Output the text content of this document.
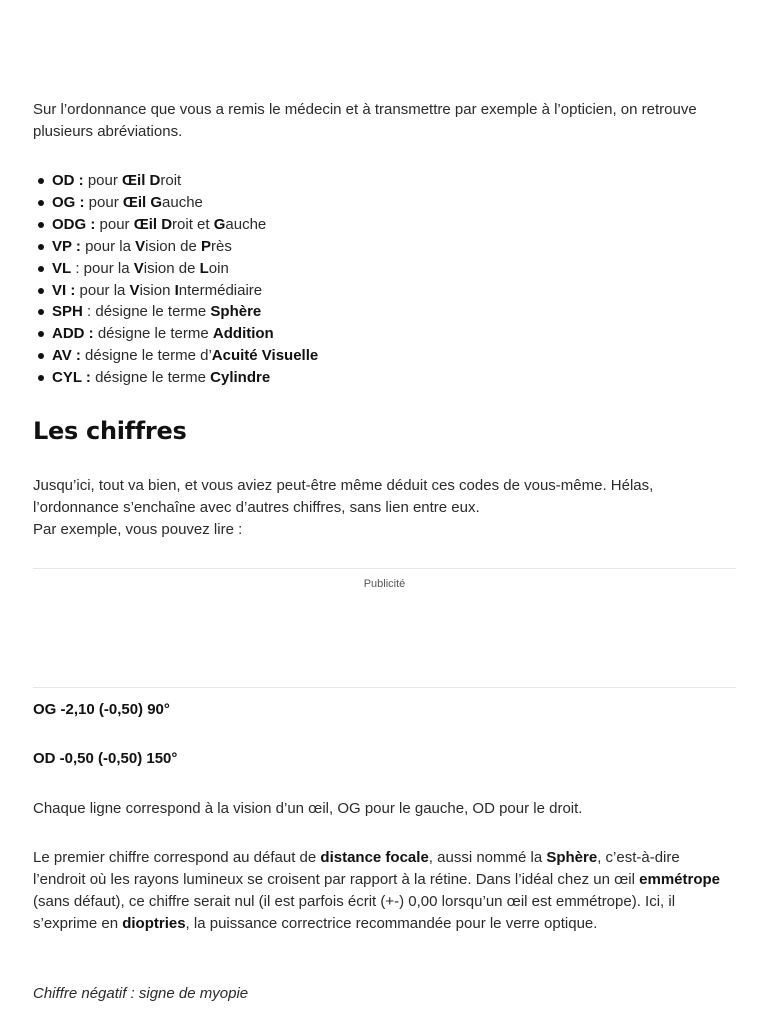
Sur l’ordonnance que vous a remis le médecin et à transmettre par exemple à l’opticien, on retrouve plusieurs abréviations.

OD : pour Œil Droit
OG : pour Œil Gauche
ODG : pour Œil Droit et Gauche
VP : pour la Vision de Près
VL : pour la Vision de Loin
VI : pour la Vision Intermédiaire
SPH : désigne le terme Sphère
ADD : désigne le terme Addition
AV : désigne le terme d’Acuité Visuelle
CYL : désigne le terme Cylindre
Les chiffres

Jusqu’ici, tout va bien, et vous aviez peut-être même déduit ces codes de vous-même. Hélas, l’ordonnance s’enchaîne avec d’autres chiffres, sans lien entre eux.

Par exemple, vous pouvez lire :

Publicité
OG -2,10 (-0,50) 90°
OD -0,50 (-0,50) 150°

Chaque ligne correspond à la vision d’un œil, OG pour le gauche, OD pour le droit.

Le premier chiffre correspond au défaut de distance focale, aussi nommé la Sphère, c’est-à-dire l’endroit où les rayons lumineux se croisent par rapport à la rétine. Dans l’idéal chez un œil emmétrope (sans défaut), ce chiffre serait nul (il est parfois écrit (+-) 0,00 lorsqu’un œil est emmétrope). Ici, il s’exprime en dioptries, la puissance correctrice recommandée pour le verre optique.

Chiffre négatif : signe de myopie
